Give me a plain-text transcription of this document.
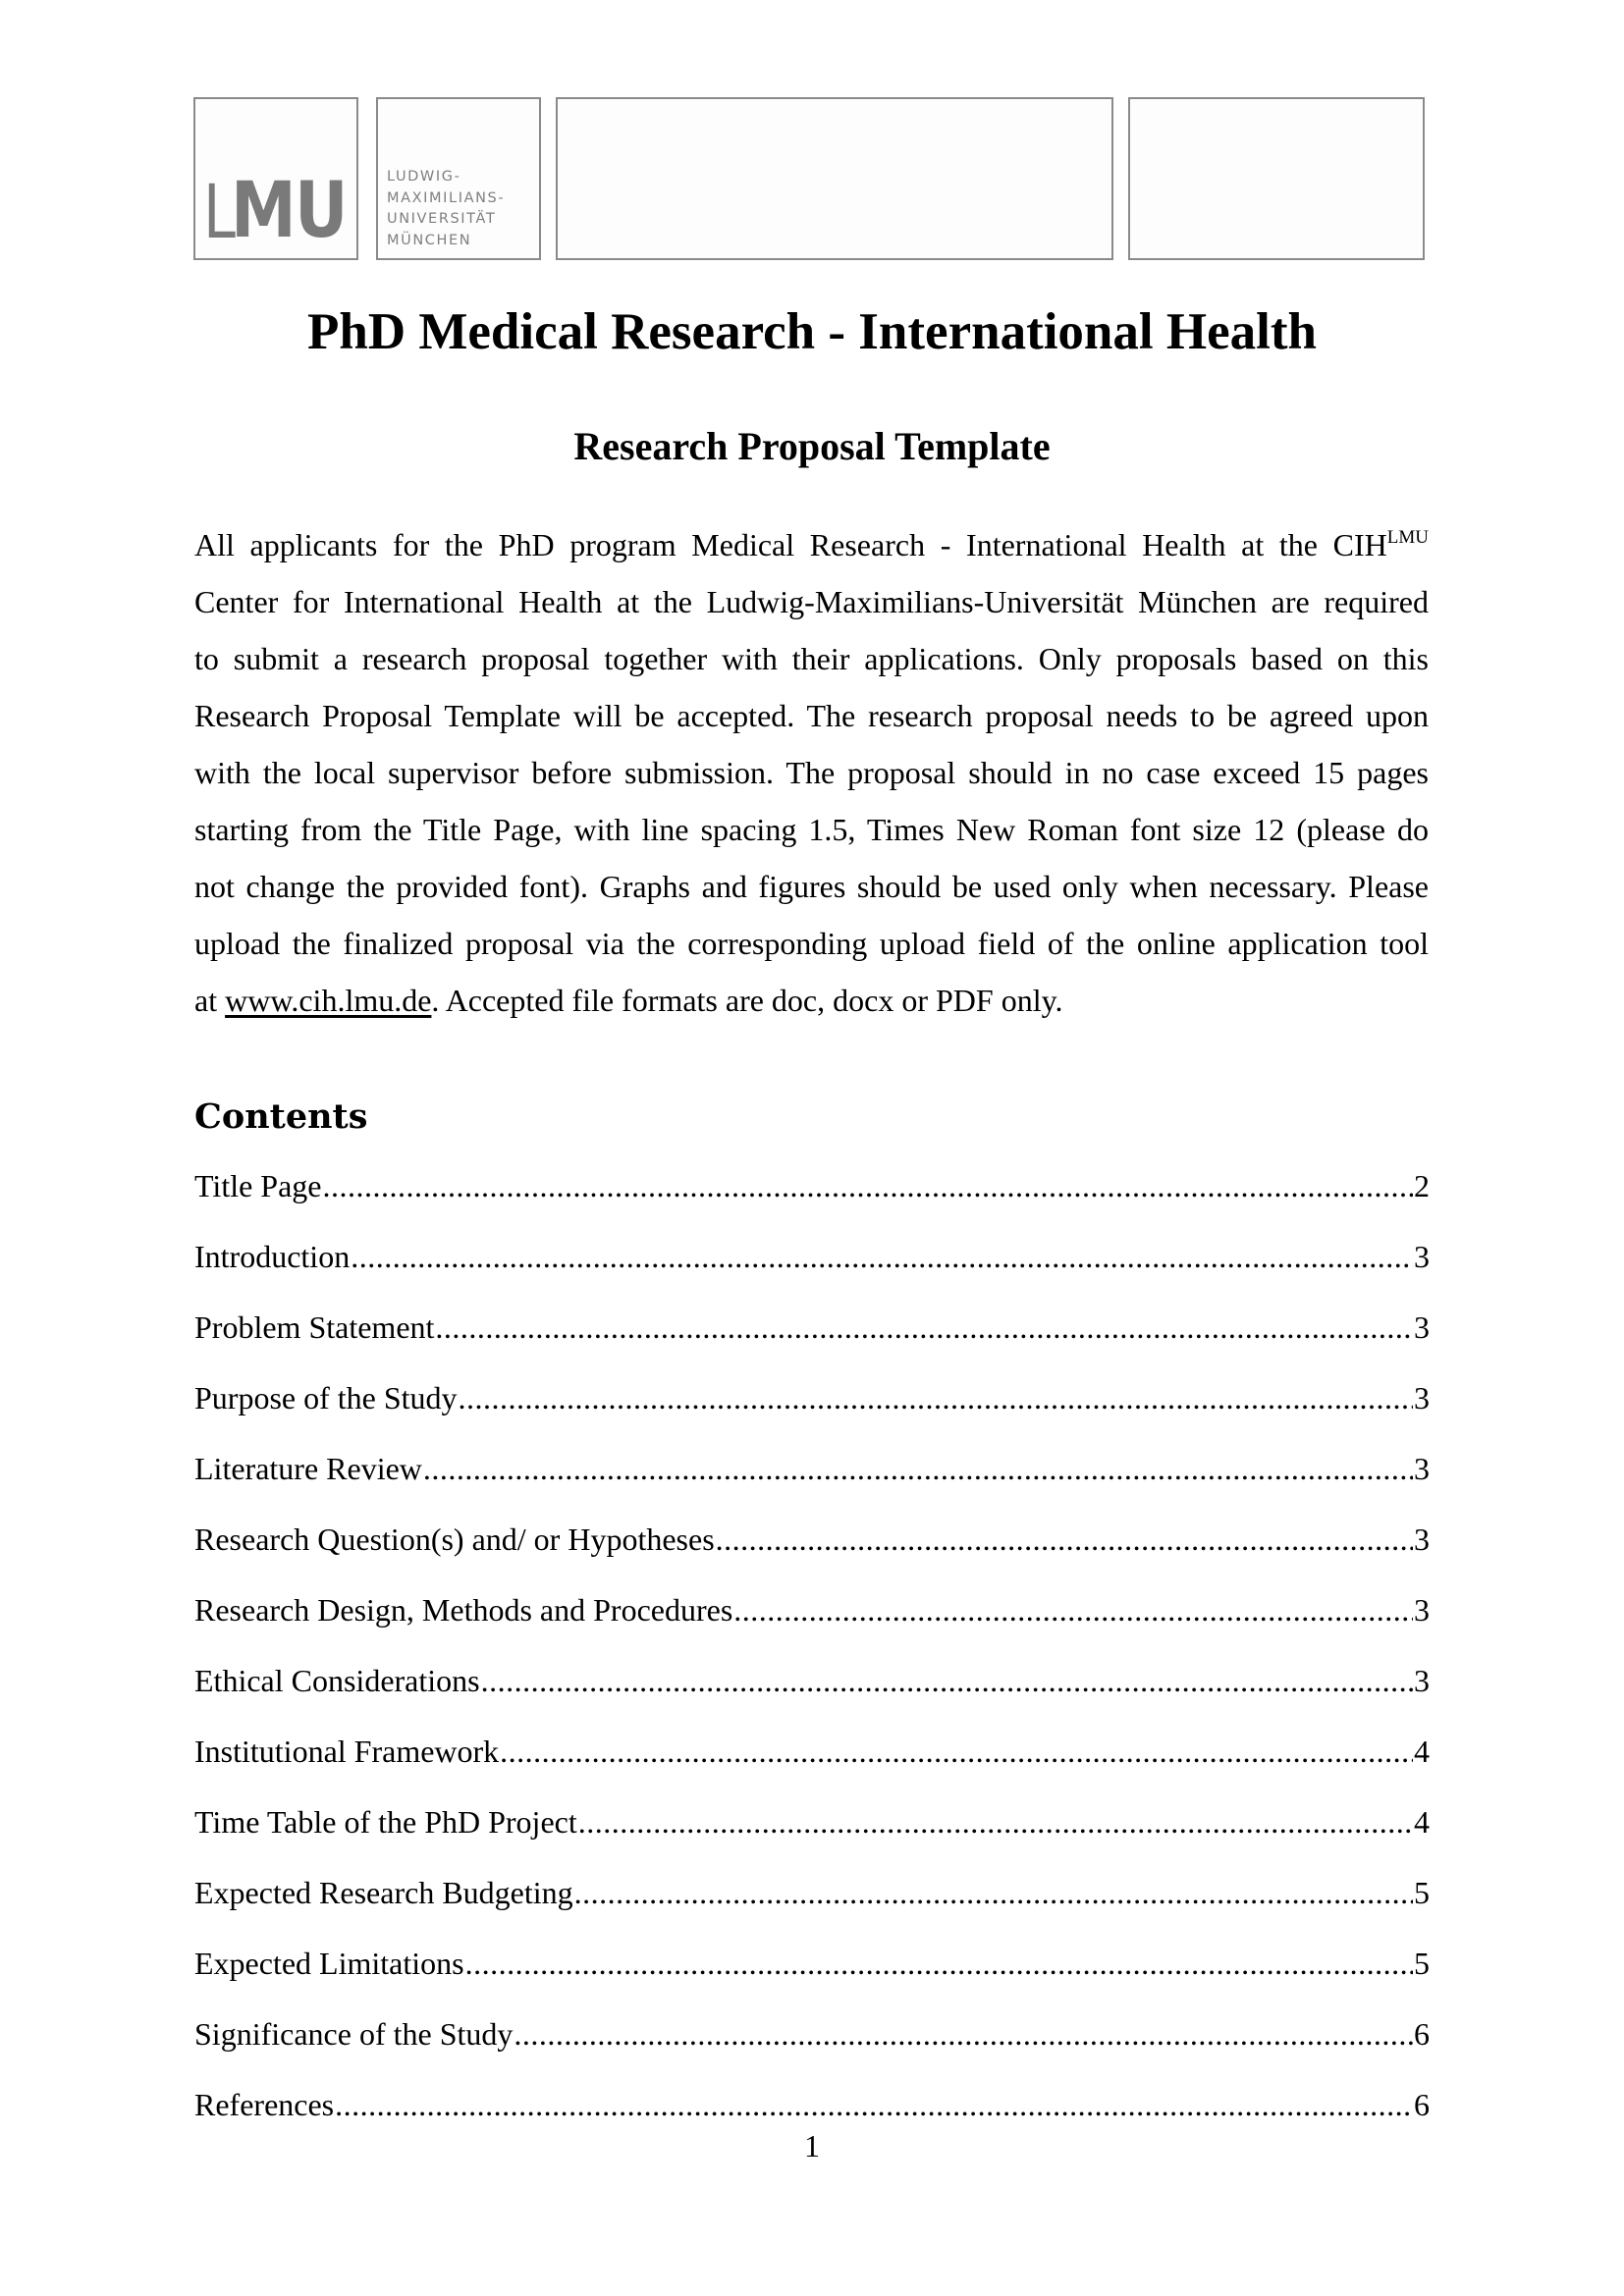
L
MU	LUDWIG-
MAXIMILIANS-
UNIVERSITÄT
MÜNCHEN
PhD Medical Research - International Health
Research Proposal Template
All applicants for the PhD program Medical Research - International Health at the $CIH^{LMU}$
Center for International Health at the Ludwig-Maximilians-Universität München are required
to submit a research proposal together with their applications. Only proposals based on this
Research Proposal Template will be accepted. The research proposal needs to be agreed upon
with the local supervisor before submission. The proposal should in no case exceed 15 pages
starting from the Title Page, with line spacing 1.5, Times New Roman font size 12 (please do
not change the provided font). Graphs and figures should be used only when necessary. Please
upload the finalized proposal via the corresponding upload field of the online application tool
at www.cih.lmu.de. Accepted file formats are doc, docx or PDF only.
Contents
Title Page .....	2
Introduction .....	3
Problem Statement .....	3
Purpose of the Study .....	3
Literature Review .....	3
Research Question(s) and/ or Hypotheses .....	3
Research Design, Methods and Procedures .....	3
Ethical Considerations .....	3
Institutional Framework .....	4
Time Table of the PhD Project .....	4
Expected Research Budgeting .....	5
Expected Limitations .....	5
Significance of the Study .....	6
References .....	6
1
